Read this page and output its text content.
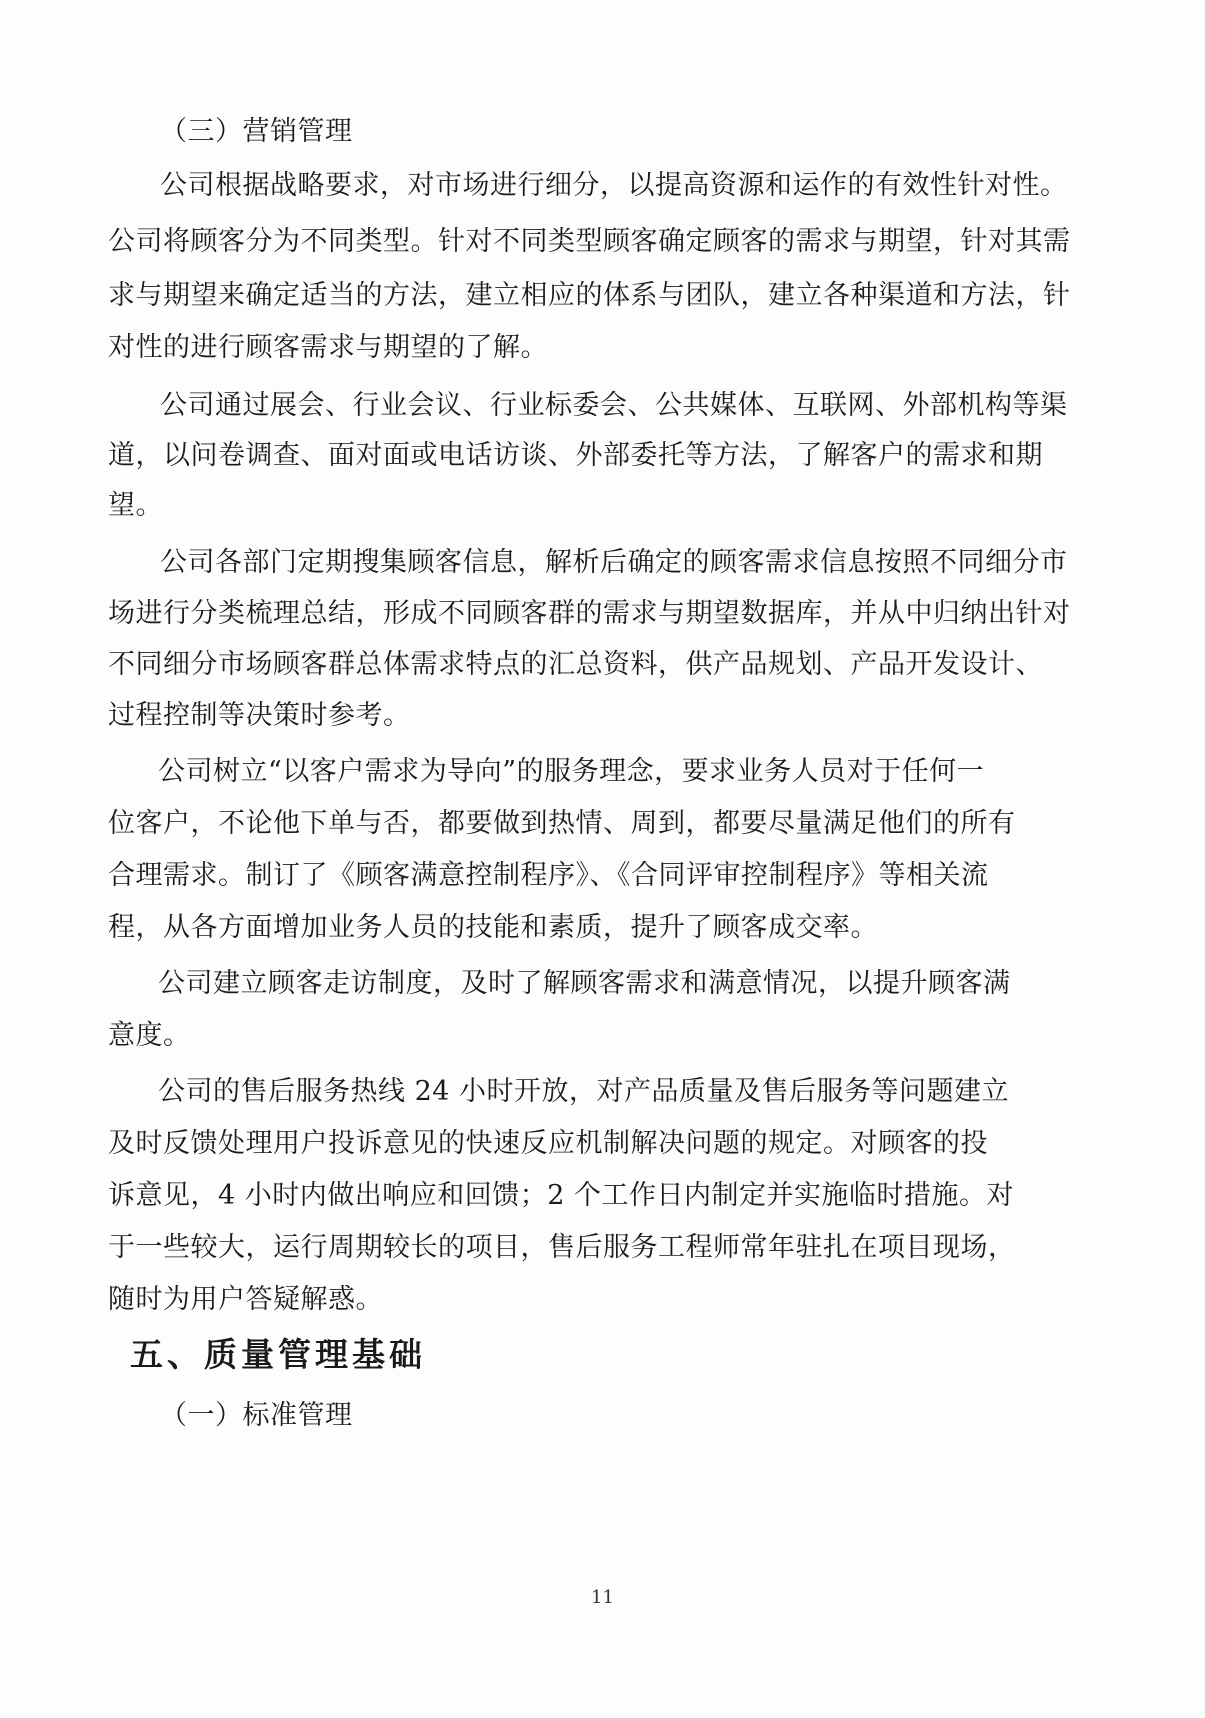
（三）营销管理
公司根据战略要求，对市场进行细分，以提高资源和运作的有效性针对性。
公司将顾客分为不同类型。针对不同类型顾客确定顾客的需求与期望，针对其需
求与期望来确定适当的方法，建立相应的体系与团队，建立各种渠道和方法，针
对性的进行顾客需求与期望的了解。
公司通过展会、行业会议、行业标委会、公共媒体、互联网、外部机构等渠
道，以问卷调查、面对面或电话访谈、外部委托等方法，了解客户的需求和期
望。
公司各部门定期搜集顾客信息，解析后确定的顾客需求信息按照不同细分市
场进行分类梳理总结，形成不同顾客群的需求与期望数据库，并从中归纳出针对
不同细分市场顾客群总体需求特点的汇总资料，供产品规划、产品开发设计、
过程控制等决策时参考。
公司树立“以客户需求为导向”的服务理念，要求业务人员对于任何一
位客户，不论他下单与否，都要做到热情、周到，都要尽量满足他们的所有
合理需求。制订了《顾客满意控制程序》、《合同评审控制程序》等相关流
程，从各方面增加业务人员的技能和素质，提升了顾客成交率。
公司建立顾客走访制度，及时了解顾客需求和满意情况，以提升顾客满
意度。
公司的售后服务热线 24 小时开放，对产品质量及售后服务等问题建立
及时反馈处理用户投诉意见的快速反应机制解决问题的规定。对顾客的投
诉意见，4 小时内做出响应和回馈；2 个工作日内制定并实施临时措施。对
于一些较大，运行周期较长的项目，售后服务工程师常年驻扎在项目现场，
随时为用户答疑解惑。
五、质量管理基础
（一）标准管理
11
